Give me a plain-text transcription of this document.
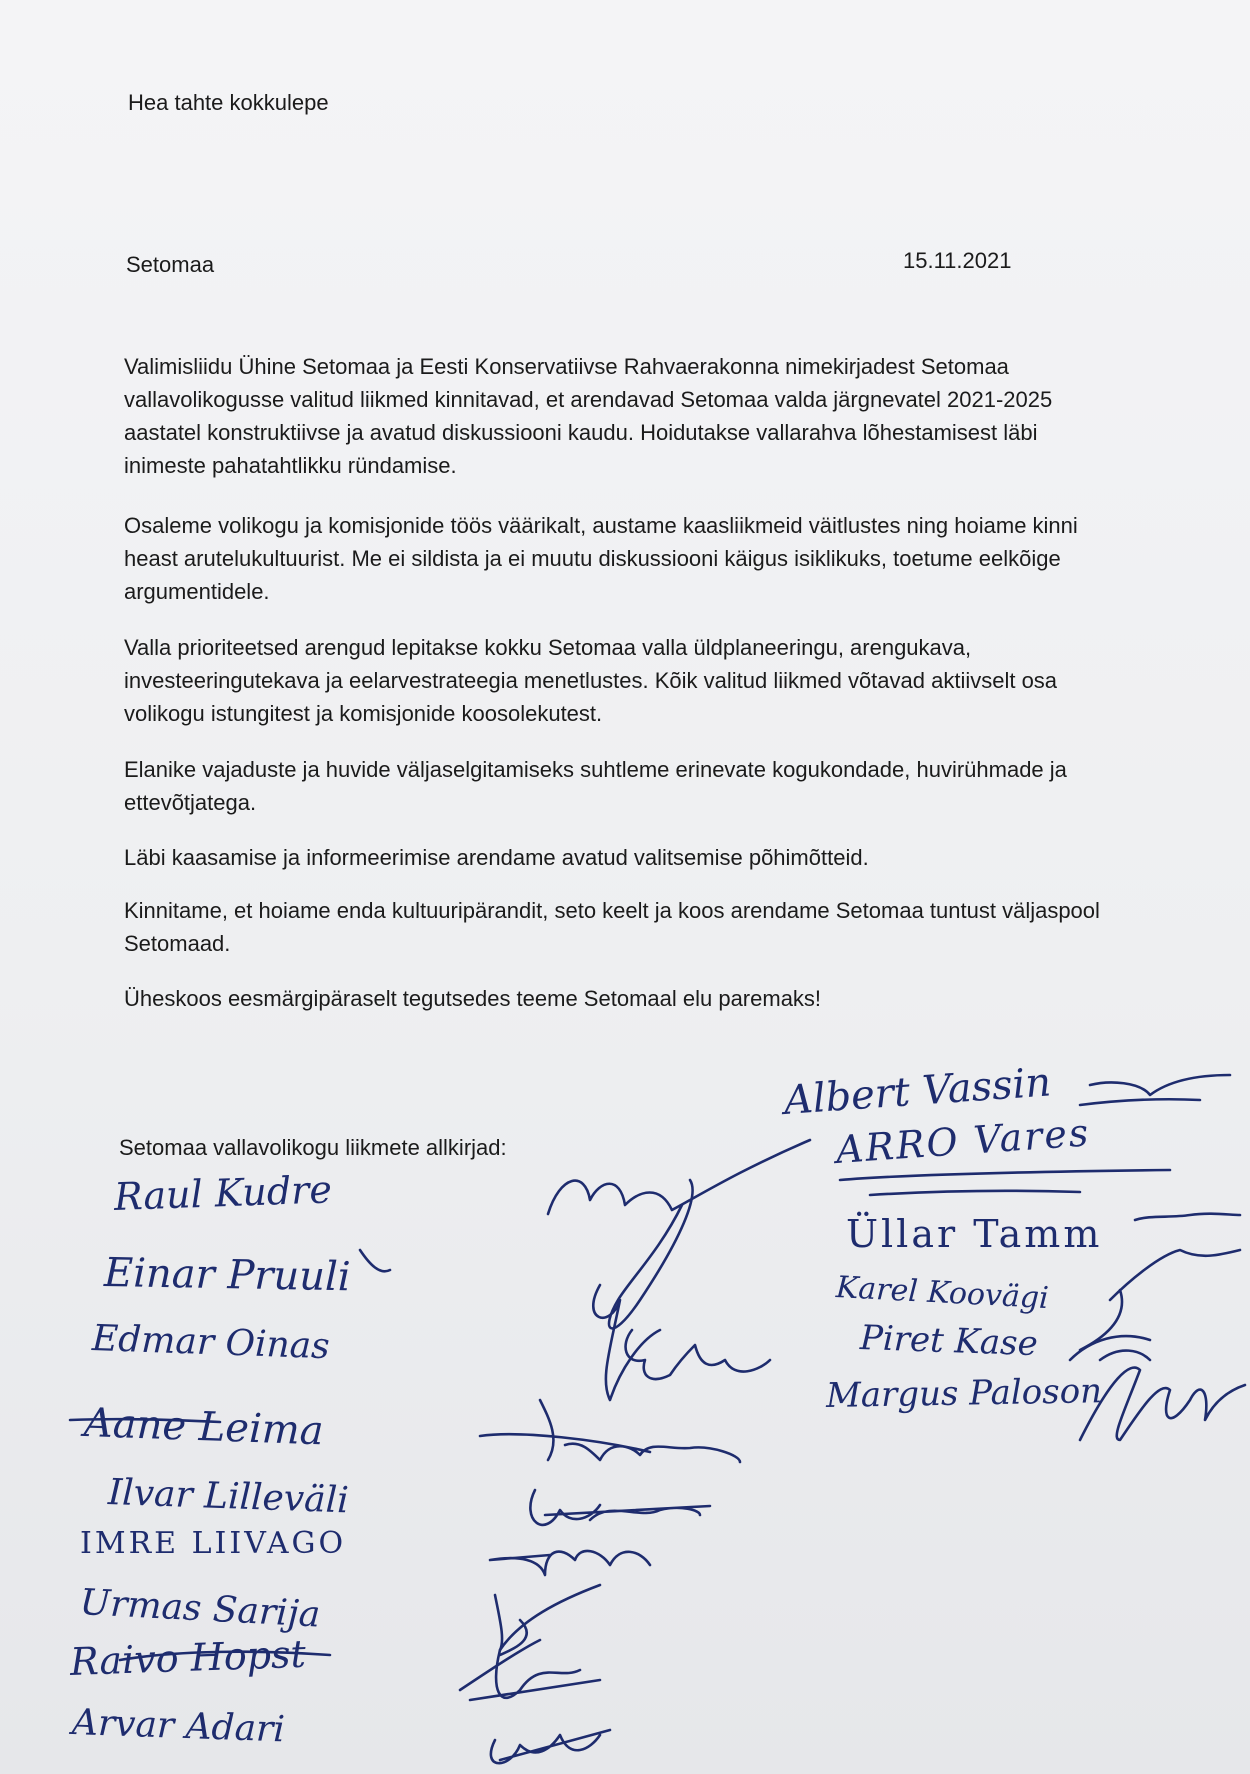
Hea tahte kokkulepe
Setomaa	15.11.2021
Valimisliidu Ühine Setomaa ja Eesti Konservatiivse Rahvaerakonna nimekirjadest Setomaa vallavolikogusse valitud liikmed kinnitavad, et arendavad Setomaa valda järgnevatel 2021-2025 aastatel konstruktiivse ja avatud diskussiooni kaudu. Hoidutakse vallarahva lõhestamisest läbi inimeste pahatahtlikku ründamise.
Osaleme volikogu ja komisjonide töös väärikalt, austame kaasliikmeid väitlustes ning hoiame kinni heast arutelukultuurist. Me ei sildista ja ei muutu diskussiooni käigus isiklikuks, toetume eelkõige argumentidele.
Valla prioriteetsed arengud lepitakse kokku Setomaa valla üldplaneeringu, arengukava, investeeringutekava ja eelarvestrateegia menetlustes. Kõik valitud liikmed võtavad aktiivselt osa volikogu istungitest ja komisjonide koosolekutest.
Elanike vajaduste ja huvide väljaselgitamiseks suhtleme erinevate kogukondade, huvirühmade ja ettevõtjatega.
Läbi kaasamise ja informeerimise arendame avatud valitsemise põhimõtteid.
Kinnitame, et hoiame enda kultuuripärandit, seto keelt ja koos arendame Setomaa tuntust väljaspool Setomaad.
Üheskoos eesmärgipäraselt tegutsedes teeme Setomaal elu paremaks!
Setomaa vallavolikogu liikmete allkirjad:
Raul Kudre
Einar Pruuli
Edmar Oinas
Aane Leima
Ilvar Lilleväli
IMRE LIIVAGO
Urmas Sarija
Raivo Hopst
Arvar Adari
Albert Vassin
ARRO Vares
Üllar Tamm
Karel Koovägi
Piret Kase
Margus Paloson
